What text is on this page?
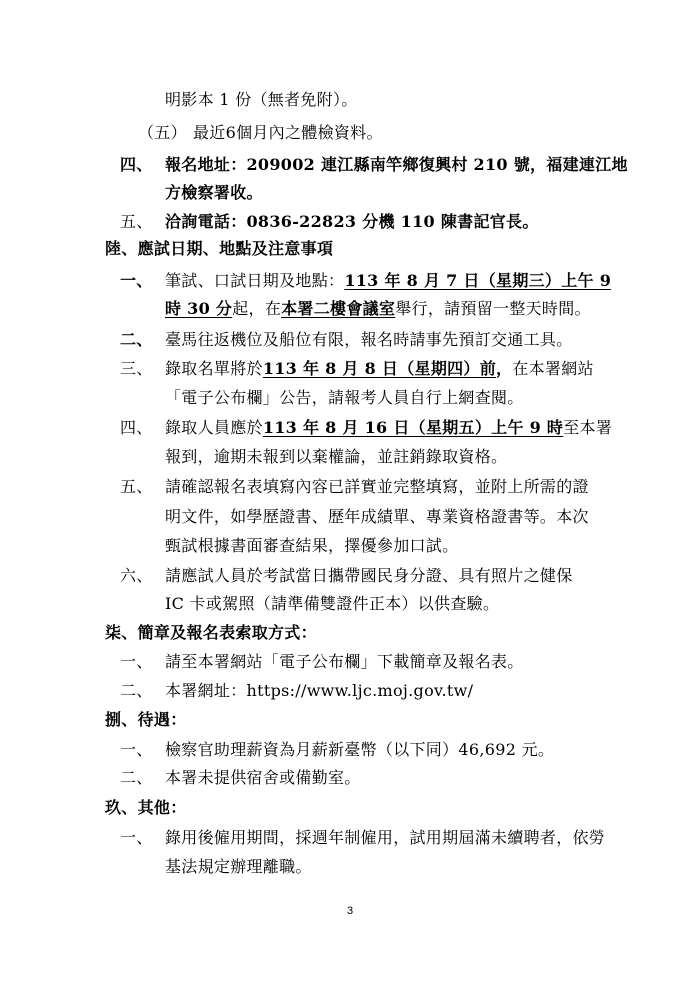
明影本 1 份（無者免附）。
（五） 最近6個月內之體檢資料。
四、 報名地址：209002 連江縣南竿鄉復興村 210 號，福建連江地
方檢察署收。
五、 洽詢電話：0836-22823 分機 110 陳書記官長。
陸、應試日期、地點及注意事項
一、 筆試、口試日期及地點：113 年 8 月 7 日（星期三）上午 9
時 30 分起，在本署二樓會議室舉行，請預留一整天時間。
二、 臺馬往返機位及船位有限，報名時請事先預訂交通工具。
三、 錄取名單將於113 年 8 月 8 日（星期四）前，在本署網站
「電子公布欄」公告，請報考人員自行上網查閱。
四、 錄取人員應於113 年 8 月 16 日（星期五）上午 9 時至本署
報到，逾期未報到以棄權論，並註銷錄取資格。
五、 請確認報名表填寫內容已詳實並完整填寫，並附上所需的證
明文件，如學歷證書、歷年成績單、專業資格證書等。本次
甄試根據書面審查結果，擇優參加口試。
六、 請應試人員於考試當日攜帶國民身分證、具有照片之健保
IC 卡或駕照（請準備雙證件正本）以供查驗。
柒、簡章及報名表索取方式：
一、 請至本署網站「電子公布欄」下載簡章及報名表。
二、 本署網址：https://www.ljc.moj.gov.tw/
捌、待遇：
一、 檢察官助理薪資為月薪新臺幣（以下同）46,692 元。
二、 本署未提供宿舍或備勤室。
玖、其他：
一、 錄用後僱用期間，採週年制僱用，試用期屆滿未續聘者，依勞
基法規定辦理離職。
3
